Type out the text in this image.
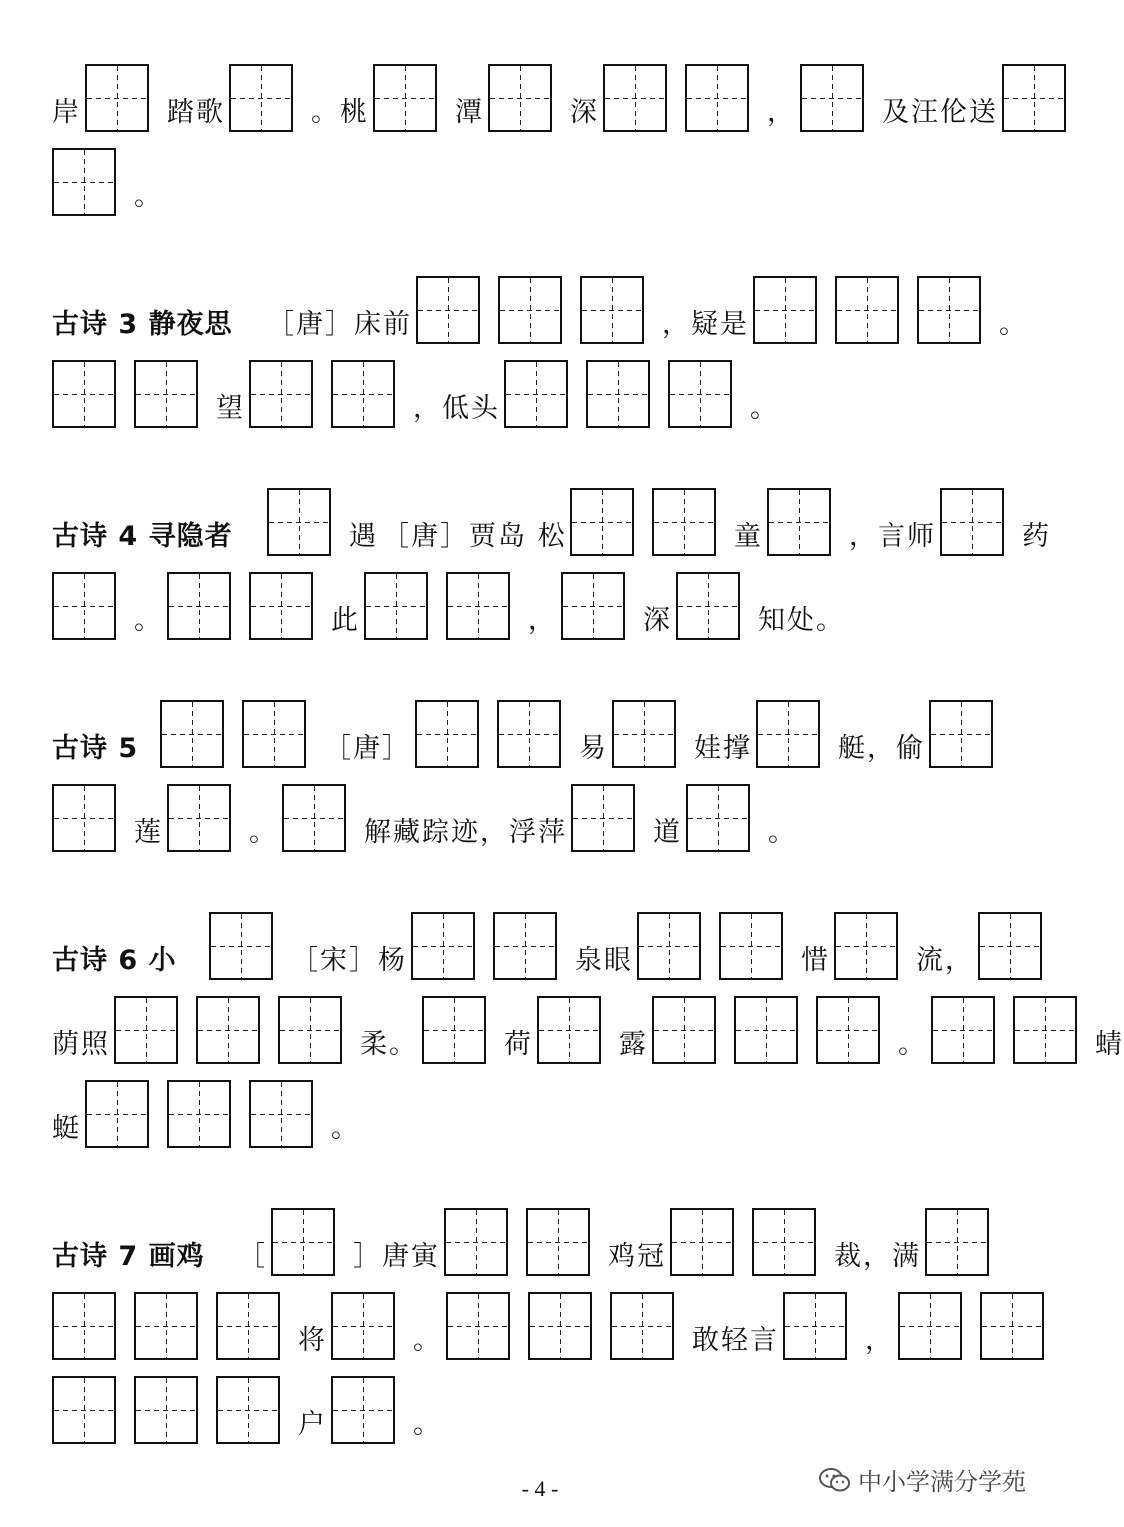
岸	踏歌	。桃	潭	深	，	及汪伦送
。
古诗 3 静夜思 ［唐］床前	，疑是	。
望	，低头	。
古诗 4 寻隐者	遇 ［唐］贾岛 松	童	，言师	药
。	此	，	深	知处。
古诗 5	［唐］	易	娃撑	艇，偷
莲	。	解藏踪迹，浮萍	道	。
古诗 6 小	［宋］杨	泉眼	惜	流，
荫照	柔。	荷	露	。	蜻
蜓	。
古诗 7 画鸡 ［	］唐寅	鸡冠	裁，满
将	。	敢轻言	，
户	。
- 4 -	中小学满分学苑
